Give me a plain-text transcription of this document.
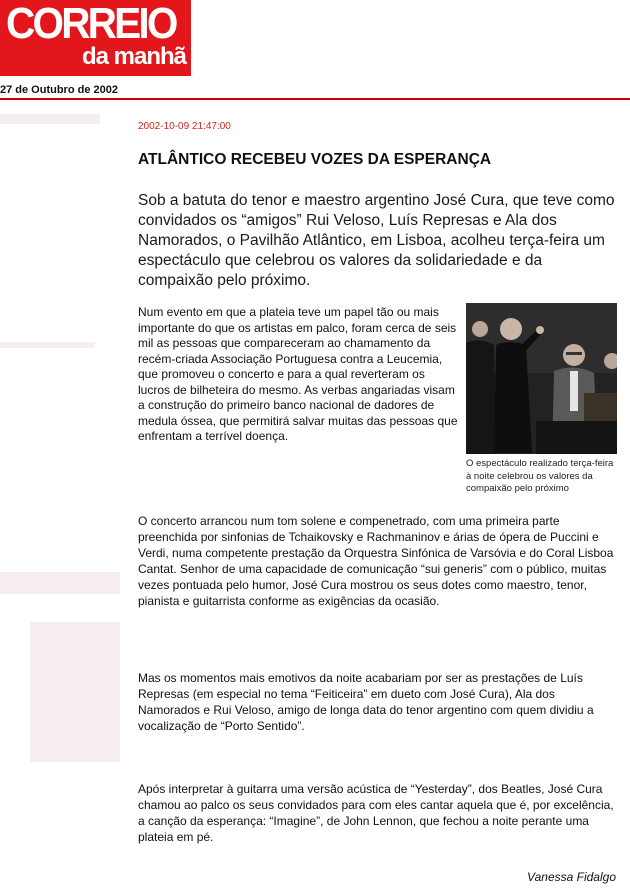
CORREIO
da manhã
27 de Outubro de 2002
2002-10-09 21:47:00
ATLÂNTICO RECEBEU VOZES DA ESPERANÇA

Sob a batuta do tenor e maestro argentino José Cura, que teve como convidados os “amigos” Rui Veloso, Luís Represas e Ala dos Namorados, o Pavilhão Atlântico, em Lisboa, acolheu terça-feira um espectáculo que celebrou os valores da solidariedade e da compaixão pelo próximo.

Num evento em que a plateia teve um papel tão ou mais importante do que os artistas em palco, foram cerca de seis mil as pessoas que compareceram ao chamamento da recém-criada Associação Portuguesa contra a Leucemia, que promoveu o concerto e para a qual reverteram os lucros de bilheteira do mesmo. As verbas angariadas visam a construção do primeiro banco nacional de dadores de medula óssea, que permitirá salvar muitas das pessoas que enfrentam a terrível doença.

O espectáculo realizado terça-feira à noite celebrou os valores da compaixão pelo próximo

O concerto arrancou num tom solene e compenetrado, com uma primeira parte preenchida por sinfonias de Tchaikovsky e Rachmaninov e árias de ópera de Puccini e Verdi, numa competente prestação da Orquestra Sinfónica de Varsóvia e do Coral Lisboa Cantat. Senhor de uma capacidade de comunicação “sui generis” com o público, muitas vezes pontuada pelo humor, José Cura mostrou os seus dotes como maestro, tenor, pianista e guitarrista conforme as exigências da ocasião.

Mas os momentos mais emotivos da noite acabariam por ser as prestações de Luís Represas (em especial no tema “Feiticeira” em dueto com José Cura), Ala dos Namorados e Rui Veloso, amigo de longa data do tenor argentino com quem dividiu a vocalização de “Porto Sentido”.

Após interpretar à guitarra uma versão acústica de “Yesterday”, dos Beatles, José Cura chamou ao palco os seus convidados para com eles cantar aquela que é, por excelência, a canção da esperança: “Imagine”, de John Lennon, que fechou a noite perante uma plateia em pé.

Vanessa Fidalgo
